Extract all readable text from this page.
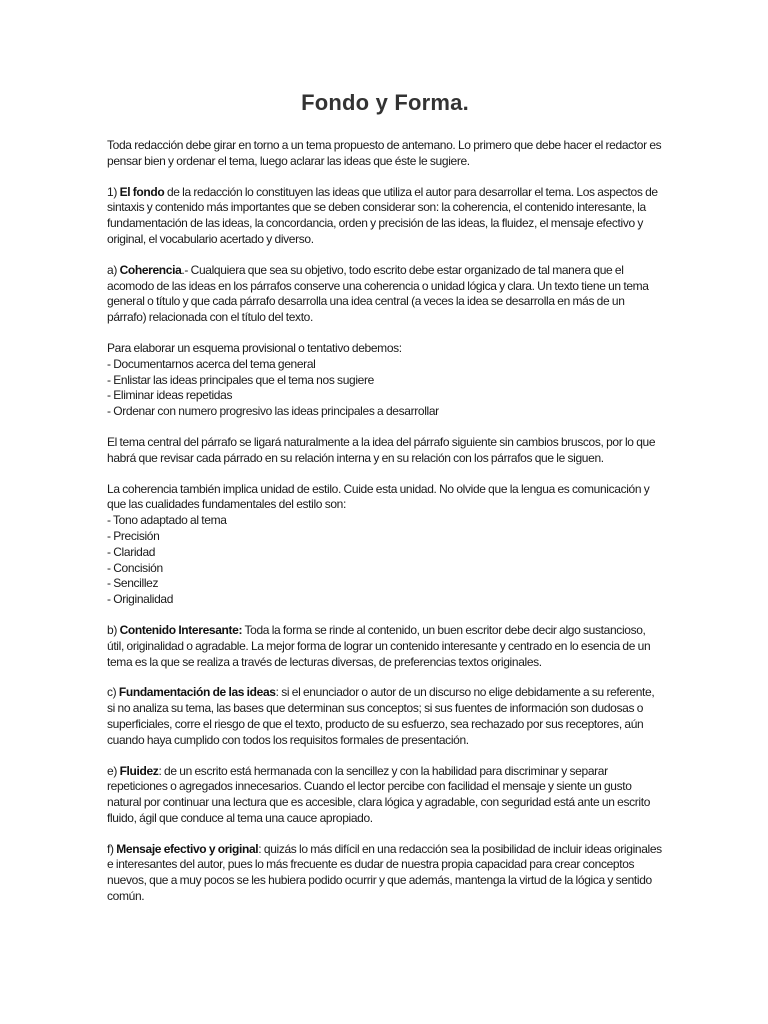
Fondo y Forma.

Toda redacción debe girar en torno a un tema propuesto de antemano. Lo primero que debe hacer el redactor es pensar bien y ordenar el tema, luego aclarar las ideas que éste le sugiere.

1) El fondo de la redacción lo constituyen las ideas que utiliza el autor para desarrollar el tema. Los aspectos de sintaxis y contenido más importantes que se deben considerar son: la coherencia, el contenido interesante, la fundamentación de las ideas, la concordancia, orden y precisión de las ideas, la fluidez, el mensaje efectivo y original, el vocabulario acertado y diverso.

a) Coherencia.- Cualquiera que sea su objetivo, todo escrito debe estar organizado de tal manera que el acomodo de las ideas en los párrafos conserve una coherencia o unidad lógica y clara. Un texto tiene un tema general o título y que cada párrafo desarrolla una idea central (a veces la idea se desarrolla en más de un párrafo) relacionada con el título del texto.

Para elaborar un esquema provisional o tentativo debemos:

- Documentarnos acerca del tema general
- Enlistar las ideas principales que el tema nos sugiere
- Eliminar ideas repetidas
- Ordenar con numero progresivo las ideas principales a desarrollar

El tema central del párrafo se ligará naturalmente a la idea del párrafo siguiente sin cambios bruscos, por lo que habrá que revisar cada párrado en su relación interna y en su relación con los párrafos que le siguen.

La coherencia también implica unidad de estilo. Cuide esta unidad. No olvide que la lengua es comunicación y que las cualidades fundamentales del estilo son:

- Tono adaptado al tema
- Precisión
- Claridad
- Concisión
- Sencillez
- Originalidad

b) Contenido Interesante: Toda la forma se rinde al contenido, un buen escritor debe decir algo sustancioso, útil, originalidad o agradable. La mejor forma de lograr un contenido interesante y centrado en lo esencia de un tema es la que se realiza a través de lecturas diversas, de preferencias textos originales.

c) Fundamentación de las ideas: si el enunciador o autor de un discurso no elige debidamente a su referente, si no analiza su tema, las bases que determinan sus conceptos; si sus fuentes de información son dudosas o superficiales, corre el riesgo de que el texto, producto de su esfuerzo, sea rechazado por sus receptores, aún cuando haya cumplido con todos los requisitos formales de presentación.

e) Fluidez: de un escrito está hermanada con la sencillez y con la habilidad para discriminar y separar repeticiones o agregados innecesarios. Cuando el lector percibe con facilidad el mensaje y siente un gusto natural por continuar una lectura que es accesible, clara lógica y agradable, con seguridad está ante un escrito fluido, ágil que conduce al tema una cauce apropiado.

f) Mensaje efectivo y original: quizás lo más difícil en una redacción sea la posibilidad de incluir ideas originales e interesantes del autor, pues lo más frecuente es dudar de nuestra propia capacidad para crear conceptos nuevos, que a muy pocos se les hubiera podido ocurrir y que además, mantenga la virtud de la lógica y sentido común.
